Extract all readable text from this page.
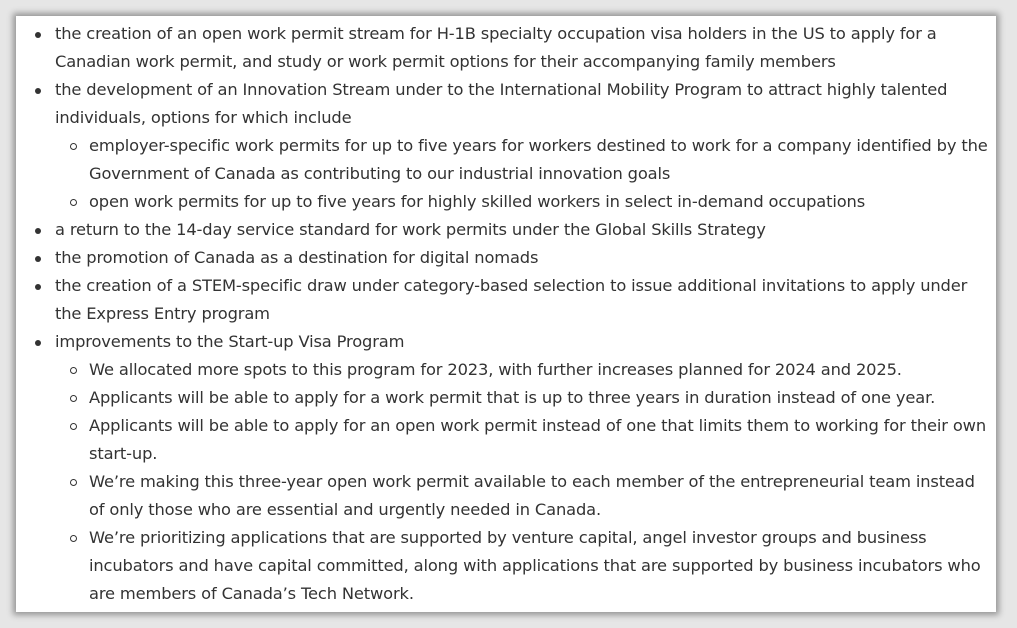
the creation of an open work permit stream for H-1B specialty occupation visa holders in the US to apply for a Canadian work permit, and study or work permit options for their accompanying family members
the development of an Innovation Stream under to the International Mobility Program to attract highly talented individuals, options for which include
employer-specific work permits for up to five years for workers destined to work for a company identified by the Government of Canada as contributing to our industrial innovation goals
open work permits for up to five years for highly skilled workers in select in-demand occupations
a return to the 14-day service standard for work permits under the Global Skills Strategy
the promotion of Canada as a destination for digital nomads
the creation of a STEM-specific draw under category-based selection to issue additional invitations to apply under the Express Entry program
improvements to the Start-up Visa Program
We allocated more spots to this program for 2023, with further increases planned for 2024 and 2025.
Applicants will be able to apply for a work permit that is up to three years in duration instead of one year.
Applicants will be able to apply for an open work permit instead of one that limits them to working for their own start-up.
We’re making this three-year open work permit available to each member of the entrepreneurial team instead of only those who are essential and urgently needed in Canada.
We’re prioritizing applications that are supported by venture capital, angel investor groups and business incubators and have capital committed, along with applications that are supported by business incubators who are members of Canada’s Tech Network.
